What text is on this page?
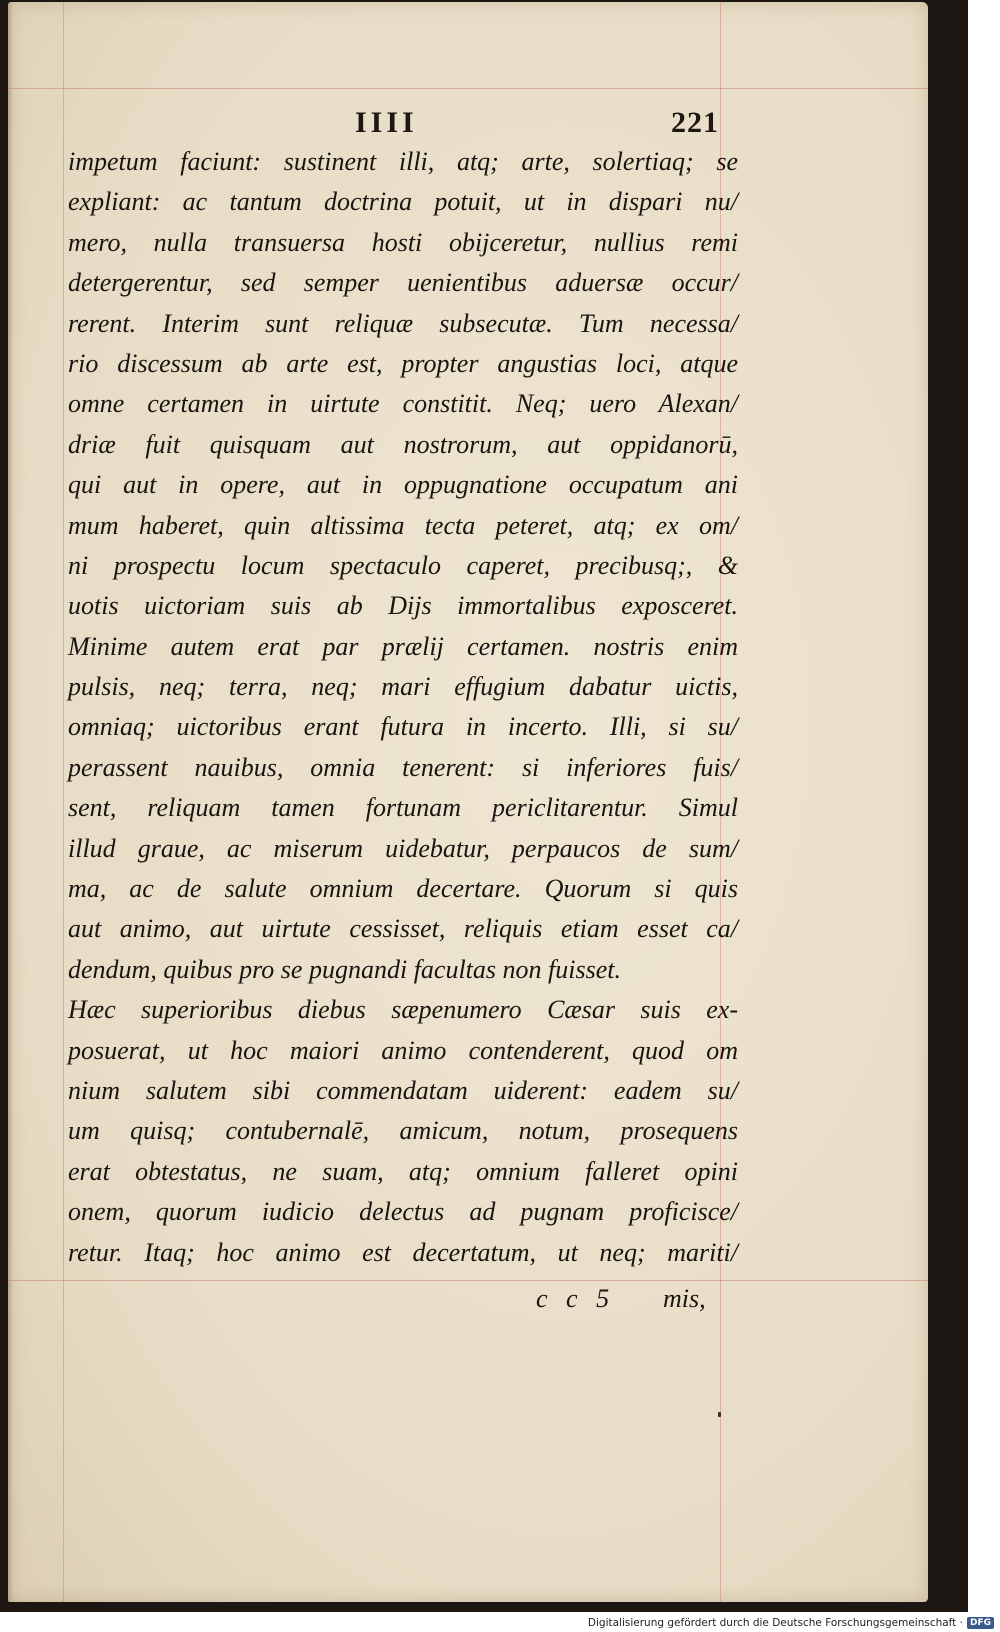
IIII	221
impetum faciunt: sustinent illi, atq; arte, solertiaq; se
expliant: ac tantum doctrina potuit, ut in dispari nu/
mero, nulla transuersa hosti obijceretur, nullius remi
detergerentur, sed semper uenientibus aduersæ occur/
rerent. Interim sunt reliquæ subsecutæ. Tum necessa/
rio discessum ab arte est, propter angustias loci, atque
omne certamen in uirtute constitit. Neq; uero Alexan/
driæ fuit quisquam aut nostrorum, aut oppidanorū,
qui aut in opere, aut in oppugnatione occupatum ani
mum haberet, quin altissima tecta peteret, atq; ex om/
ni prospectu locum spectaculo caperet, precibusq;, &
uotis uictoriam suis ab Dijs immortalibus exposceret.
Minime autem erat par prælij certamen. nostris enim
pulsis, neq; terra, neq; mari effugium dabatur uictis,
omniaq; uictoribus erant futura in incerto. Illi, si su/
perassent nauibus, omnia tenerent: si inferiores fuis/
sent, reliquam tamen fortunam periclitarentur. Simul
illud graue, ac miserum uidebatur, perpaucos de sum/
ma, ac de salute omnium decertare. Quorum si quis
aut animo, aut uirtute cessisset, reliquis etiam esset ca/
dendum, quibus pro se pugnandi facultas non fuisset.
Hæc superioribus diebus sæpenumero Cæsar suis ex-
posuerat, ut hoc maiori animo contenderent, quod om
nium salutem sibi commendatam uiderent: eadem su/
um quisq; contubernalē, amicum, notum, prosequens
erat obtestatus, ne suam, atq; omnium falleret opini
onem, quorum iudicio delectus ad pugnam proficisce/
retur. Itaq; hoc animo est decertatum, ut neq; mariti/
c c 5 mis,
Digitalisierung gefördert durch die Deutsche Forschungsgemeinschaft · DFG
